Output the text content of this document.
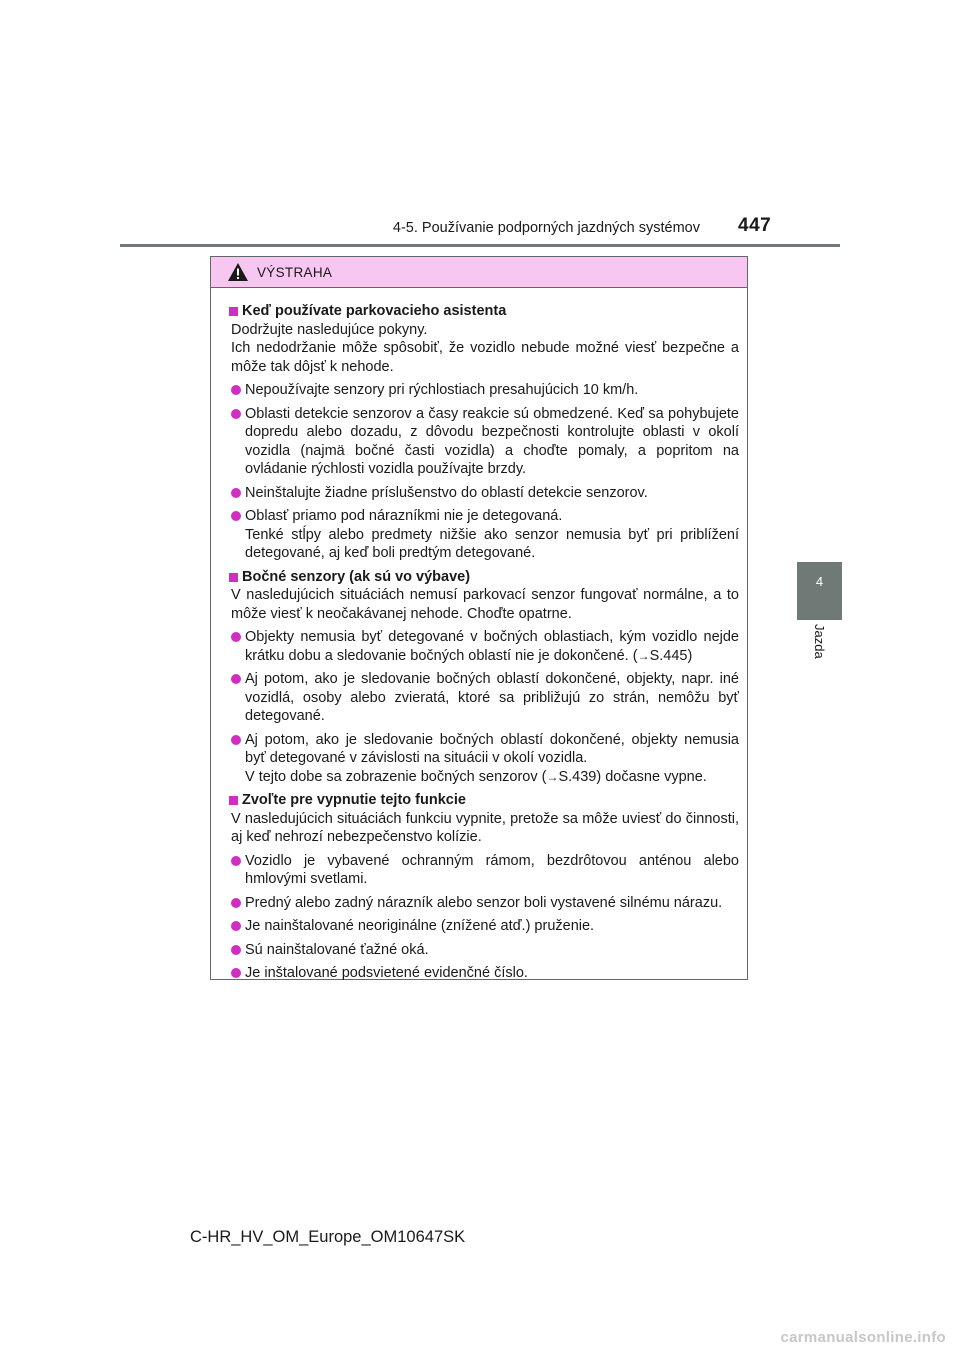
4-5. Používanie podporných jazdných systémov 447
4
Jazda
VÝSTRAHA
Keď používate parkovacieho asistenta
Dodržujte nasledujúce pokyny.
Ich nedodržanie môže spôsobiť, že vozidlo nebude možné viesť bezpečne a môže tak dôjsť k nehode.
Nepoužívajte senzory pri rýchlostiach presahujúcich 10 km/h.
Oblasti detekcie senzorov a časy reakcie sú obmedzené. Keď sa pohybujete dopredu alebo dozadu, z dôvodu bezpečnosti kontrolujte oblasti v okolí vozidla (najmä bočné časti vozidla) a choďte pomaly, a popritom na ovládanie rýchlosti vozidla používajte brzdy.
Neinštalujte žiadne príslušenstvo do oblastí detekcie senzorov.
Oblasť priamo pod nárazníkmi nie je detegovaná.
Tenké stĺpy alebo predmety nižšie ako senzor nemusia byť pri priblížení detegované, aj keď boli predtým detegované.
Bočné senzory (ak sú vo výbave)
V nasledujúcich situáciách nemusí parkovací senzor fungovať normálne, a to môže viesť k neočakávanej nehode. Choďte opatrne.
Objekty nemusia byť detegované v bočných oblastiach, kým vozidlo nejde krátku dobu a sledovanie bočných oblastí nie je dokončené. (→S.445)
Aj potom, ako je sledovanie bočných oblastí dokončené, objekty, napr. iné vozidlá, osoby alebo zvieratá, ktoré sa približujú zo strán, nemôžu byť detegované.
Aj potom, ako je sledovanie bočných oblastí dokončené, objekty nemusia byť detegované v závislosti na situácii v okolí vozidla.
V tejto dobe sa zobrazenie bočných senzorov (→S.439) dočasne vypne.
Zvoľte pre vypnutie tejto funkcie
V nasledujúcich situáciách funkciu vypnite, pretože sa môže uviesť do činnosti, aj keď nehrozí nebezpečenstvo kolízie.
Vozidlo je vybavené ochranným rámom, bezdrôtovou anténou alebo hmlovými svetlami.
Predný alebo zadný nárazník alebo senzor boli vystavené silnému nárazu.
Je nainštalované neoriginálne (znížené atď.) pruženie.
Sú nainštalované ťažné oká.
Je inštalované podsvietené evidenčné číslo.
C-HR_HV_OM_Europe_OM10647SK
carmanualsonline.info
